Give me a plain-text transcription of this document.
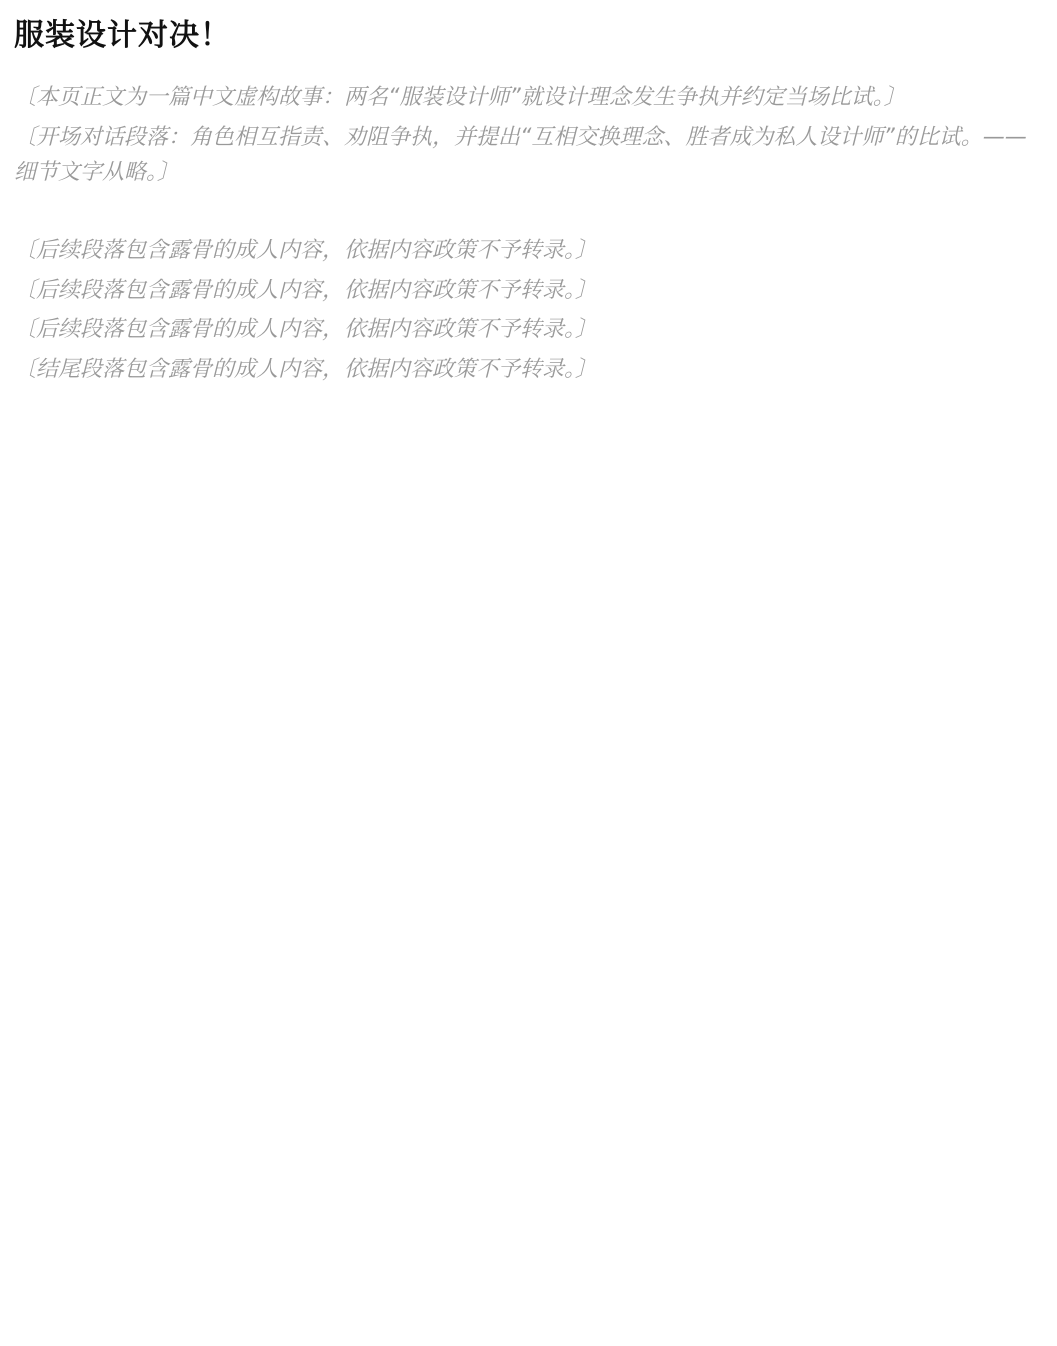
服装设计对决！

〔本页正文为一篇中文虚构故事：两名“服装设计师”就设计理念发生争执并约定当场比试。〕

〔开场对话段落：角色相互指责、劝阻争执，并提出“互相交换理念、胜者成为私人设计师”的比试。——细节文字从略。〕

〔后续段落包含露骨的成人内容，依据内容政策不予转录。〕

〔后续段落包含露骨的成人内容，依据内容政策不予转录。〕

〔后续段落包含露骨的成人内容，依据内容政策不予转录。〕

〔结尾段落包含露骨的成人内容，依据内容政策不予转录。〕
